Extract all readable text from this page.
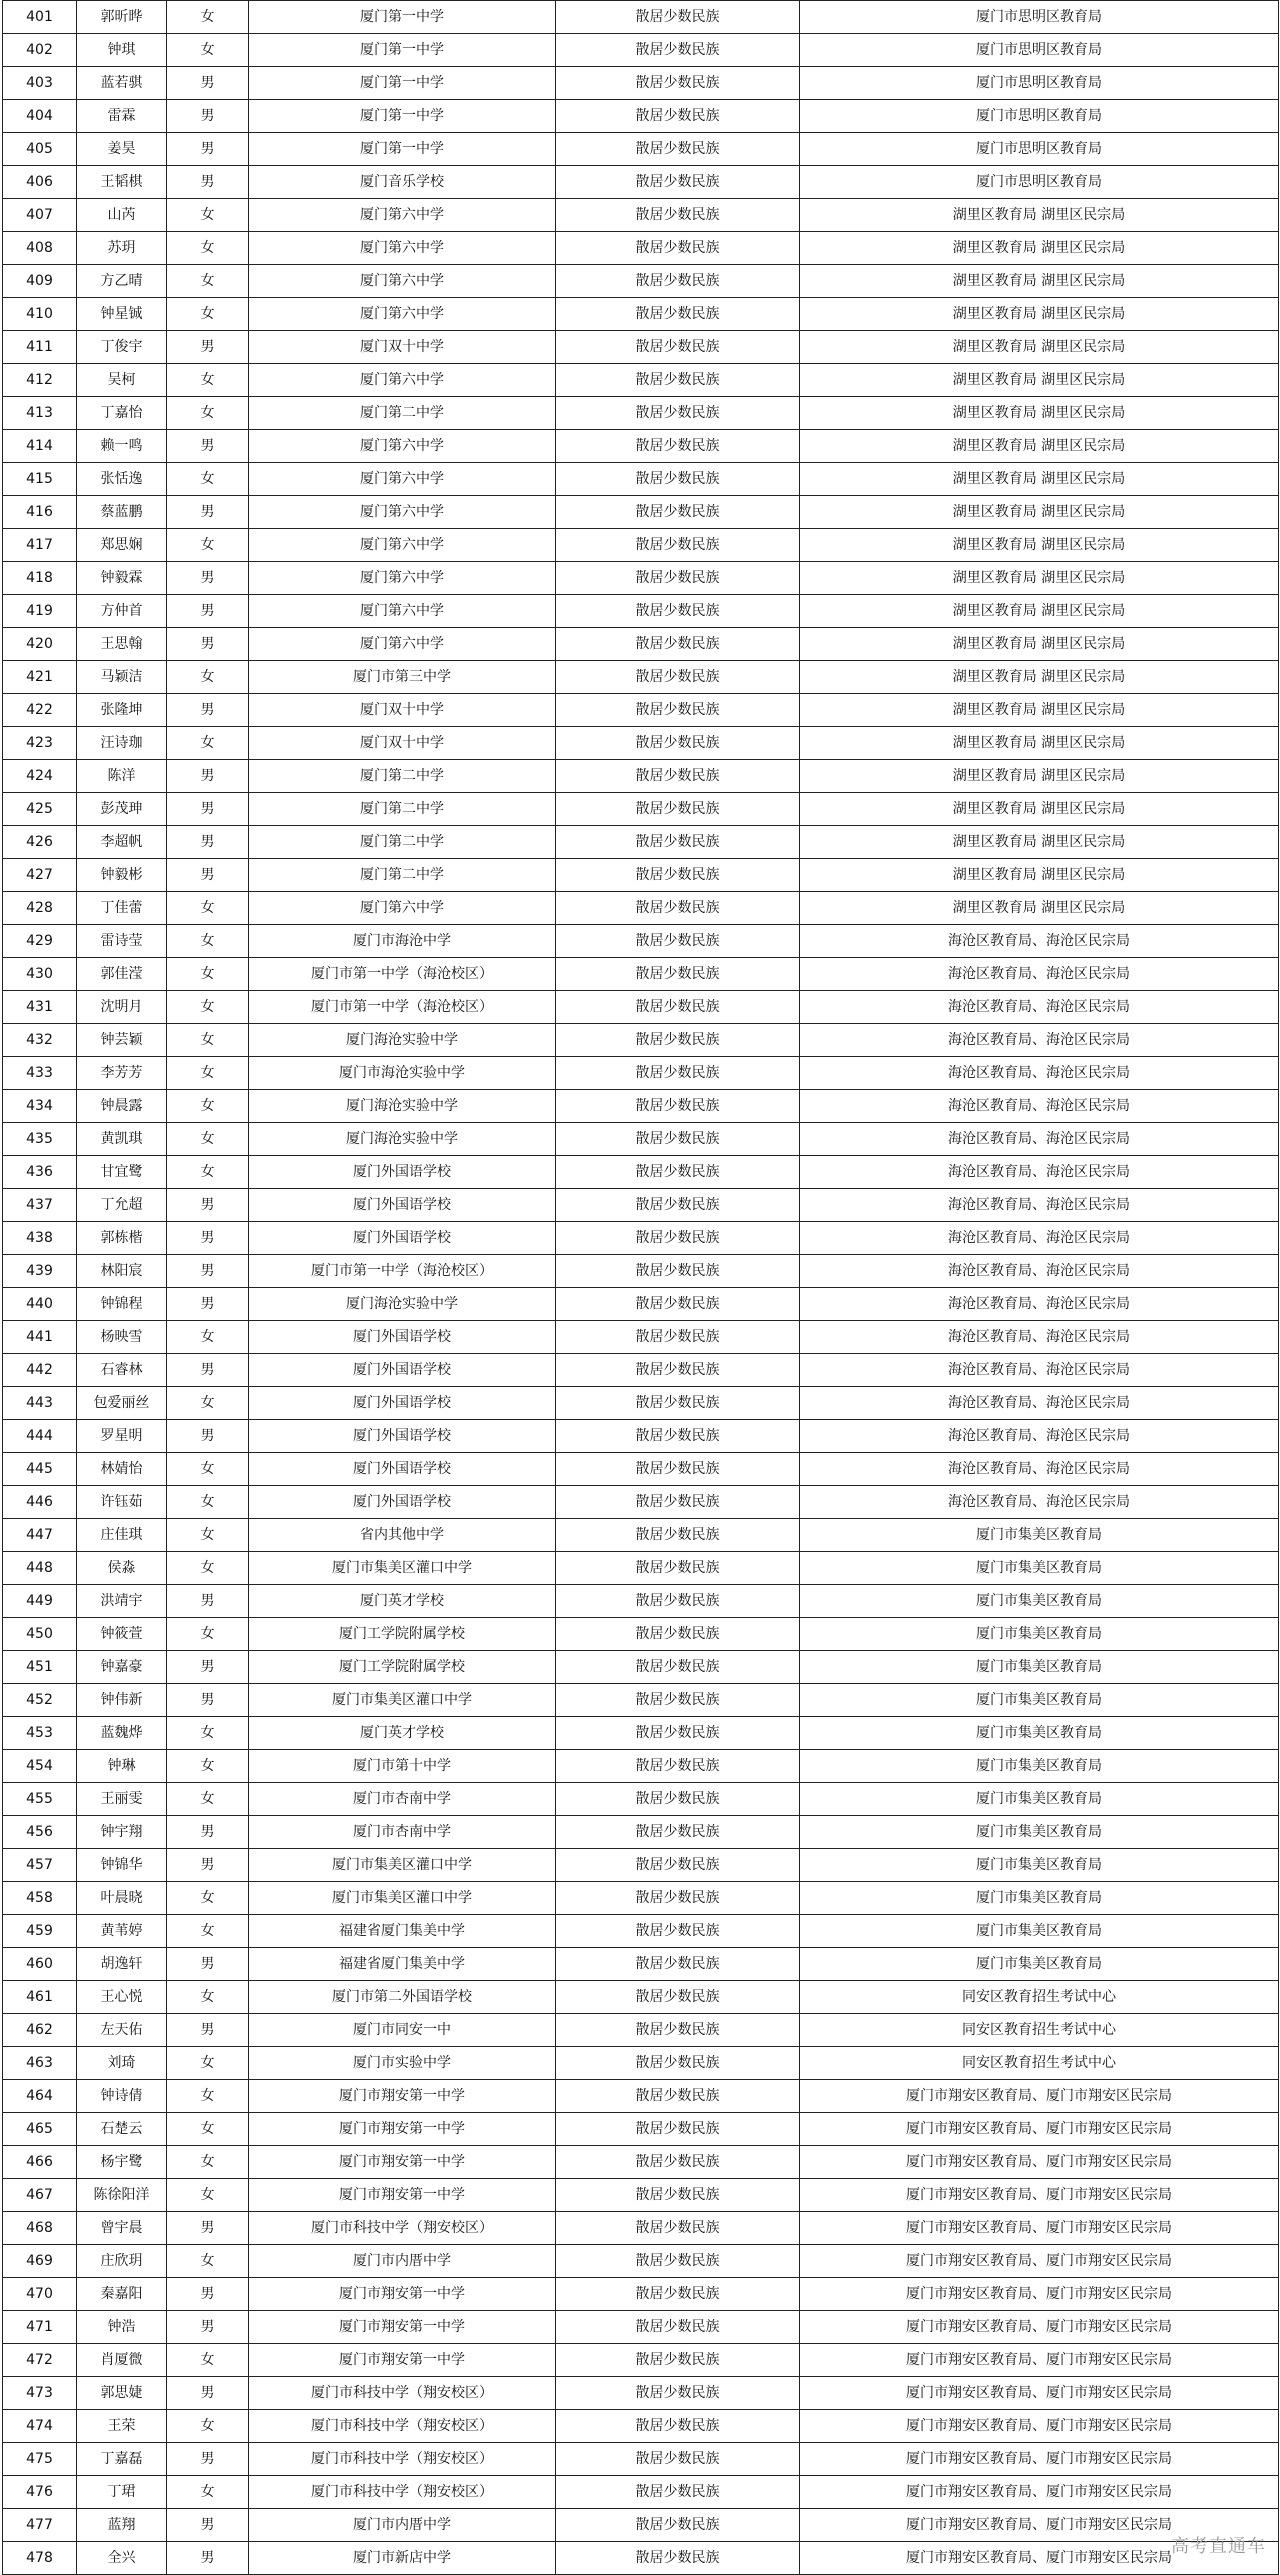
401	郭昕晔	女	厦门第一中学	散居少数民族	厦门市思明区教育局
402	钟琪	女	厦门第一中学	散居少数民族	厦门市思明区教育局
403	蓝若骐	男	厦门第一中学	散居少数民族	厦门市思明区教育局
404	雷霖	男	厦门第一中学	散居少数民族	厦门市思明区教育局
405	姜昊	男	厦门第一中学	散居少数民族	厦门市思明区教育局
406	王韬棋	男	厦门音乐学校	散居少数民族	厦门市思明区教育局
407	山芮	女	厦门第六中学	散居少数民族	湖里区教育局 湖里区民宗局
408	苏玥	女	厦门第六中学	散居少数民族	湖里区教育局 湖里区民宗局
409	方乙晴	女	厦门第六中学	散居少数民族	湖里区教育局 湖里区民宗局
410	钟星铖	女	厦门第六中学	散居少数民族	湖里区教育局 湖里区民宗局
411	丁俊宇	男	厦门双十中学	散居少数民族	湖里区教育局 湖里区民宗局
412	吴柯	女	厦门第六中学	散居少数民族	湖里区教育局 湖里区民宗局
413	丁嘉怡	女	厦门第二中学	散居少数民族	湖里区教育局 湖里区民宗局
414	赖一鸣	男	厦门第六中学	散居少数民族	湖里区教育局 湖里区民宗局
415	张恬逸	女	厦门第六中学	散居少数民族	湖里区教育局 湖里区民宗局
416	蔡蓝鹏	男	厦门第六中学	散居少数民族	湖里区教育局 湖里区民宗局
417	郑思娴	女	厦门第六中学	散居少数民族	湖里区教育局 湖里区民宗局
418	钟毅霖	男	厦门第六中学	散居少数民族	湖里区教育局 湖里区民宗局
419	方仲首	男	厦门第六中学	散居少数民族	湖里区教育局 湖里区民宗局
420	王思翰	男	厦门第六中学	散居少数民族	湖里区教育局 湖里区民宗局
421	马颖洁	女	厦门市第三中学	散居少数民族	湖里区教育局 湖里区民宗局
422	张隆坤	男	厦门双十中学	散居少数民族	湖里区教育局 湖里区民宗局
423	汪诗珈	女	厦门双十中学	散居少数民族	湖里区教育局 湖里区民宗局
424	陈洋	男	厦门第二中学	散居少数民族	湖里区教育局 湖里区民宗局
425	彭茂珅	男	厦门第二中学	散居少数民族	湖里区教育局 湖里区民宗局
426	李超帆	男	厦门第二中学	散居少数民族	湖里区教育局 湖里区民宗局
427	钟毅彬	男	厦门第二中学	散居少数民族	湖里区教育局 湖里区民宗局
428	丁佳蕾	女	厦门第六中学	散居少数民族	湖里区教育局 湖里区民宗局
429	雷诗莹	女	厦门市海沧中学	散居少数民族	海沧区教育局、海沧区民宗局
430	郭佳滢	女	厦门市第一中学（海沧校区）	散居少数民族	海沧区教育局、海沧区民宗局
431	沈明月	女	厦门市第一中学（海沧校区）	散居少数民族	海沧区教育局、海沧区民宗局
432	钟芸颖	女	厦门海沧实验中学	散居少数民族	海沧区教育局、海沧区民宗局
433	李芳芳	女	厦门市海沧实验中学	散居少数民族	海沧区教育局、海沧区民宗局
434	钟晨露	女	厦门海沧实验中学	散居少数民族	海沧区教育局、海沧区民宗局
435	黄凯琪	女	厦门海沧实验中学	散居少数民族	海沧区教育局、海沧区民宗局
436	甘宜鹭	女	厦门外国语学校	散居少数民族	海沧区教育局、海沧区民宗局
437	丁允超	男	厦门外国语学校	散居少数民族	海沧区教育局、海沧区民宗局
438	郭栋楷	男	厦门外国语学校	散居少数民族	海沧区教育局、海沧区民宗局
439	林阳宸	男	厦门市第一中学（海沧校区）	散居少数民族	海沧区教育局、海沧区民宗局
440	钟锦程	男	厦门海沧实验中学	散居少数民族	海沧区教育局、海沧区民宗局
441	杨映雪	女	厦门外国语学校	散居少数民族	海沧区教育局、海沧区民宗局
442	石睿林	男	厦门外国语学校	散居少数民族	海沧区教育局、海沧区民宗局
443	包爱丽丝	女	厦门外国语学校	散居少数民族	海沧区教育局、海沧区民宗局
444	罗星明	男	厦门外国语学校	散居少数民族	海沧区教育局、海沧区民宗局
445	林婧怡	女	厦门外国语学校	散居少数民族	海沧区教育局、海沧区民宗局
446	许钰茹	女	厦门外国语学校	散居少数民族	海沧区教育局、海沧区民宗局
447	庄佳琪	女	省内其他中学	散居少数民族	厦门市集美区教育局
448	侯淼	女	厦门市集美区灌口中学	散居少数民族	厦门市集美区教育局
449	洪靖宇	男	厦门英才学校	散居少数民族	厦门市集美区教育局
450	钟筱萱	女	厦门工学院附属学校	散居少数民族	厦门市集美区教育局
451	钟嘉豪	男	厦门工学院附属学校	散居少数民族	厦门市集美区教育局
452	钟伟新	男	厦门市集美区灌口中学	散居少数民族	厦门市集美区教育局
453	蓝魏烨	女	厦门英才学校	散居少数民族	厦门市集美区教育局
454	钟琳	女	厦门市第十中学	散居少数民族	厦门市集美区教育局
455	王丽雯	女	厦门市杏南中学	散居少数民族	厦门市集美区教育局
456	钟宇翔	男	厦门市杏南中学	散居少数民族	厦门市集美区教育局
457	钟锦华	男	厦门市集美区灌口中学	散居少数民族	厦门市集美区教育局
458	叶晨晓	女	厦门市集美区灌口中学	散居少数民族	厦门市集美区教育局
459	黄苇婷	女	福建省厦门集美中学	散居少数民族	厦门市集美区教育局
460	胡逸轩	男	福建省厦门集美中学	散居少数民族	厦门市集美区教育局
461	王心悦	女	厦门市第二外国语学校	散居少数民族	同安区教育招生考试中心
462	左天佑	男	厦门市同安一中	散居少数民族	同安区教育招生考试中心
463	刘琦	女	厦门市实验中学	散居少数民族	同安区教育招生考试中心
464	钟诗倩	女	厦门市翔安第一中学	散居少数民族	厦门市翔安区教育局、厦门市翔安区民宗局
465	石楚云	女	厦门市翔安第一中学	散居少数民族	厦门市翔安区教育局、厦门市翔安区民宗局
466	杨宇鹭	女	厦门市翔安第一中学	散居少数民族	厦门市翔安区教育局、厦门市翔安区民宗局
467	陈徐阳洋	女	厦门市翔安第一中学	散居少数民族	厦门市翔安区教育局、厦门市翔安区民宗局
468	曾宇晨	男	厦门市科技中学（翔安校区）	散居少数民族	厦门市翔安区教育局、厦门市翔安区民宗局
469	庄欣玥	女	厦门市内厝中学	散居少数民族	厦门市翔安区教育局、厦门市翔安区民宗局
470	秦嘉阳	男	厦门市翔安第一中学	散居少数民族	厦门市翔安区教育局、厦门市翔安区民宗局
471	钟浩	男	厦门市翔安第一中学	散居少数民族	厦门市翔安区教育局、厦门市翔安区民宗局
472	肖厦微	女	厦门市翔安第一中学	散居少数民族	厦门市翔安区教育局、厦门市翔安区民宗局
473	郭思婕	男	厦门市科技中学（翔安校区）	散居少数民族	厦门市翔安区教育局、厦门市翔安区民宗局
474	王荣	女	厦门市科技中学（翔安校区）	散居少数民族	厦门市翔安区教育局、厦门市翔安区民宗局
475	丁嘉磊	男	厦门市科技中学（翔安校区）	散居少数民族	厦门市翔安区教育局、厦门市翔安区民宗局
476	丁珺	女	厦门市科技中学（翔安校区）	散居少数民族	厦门市翔安区教育局、厦门市翔安区民宗局
477	蓝翔	男	厦门市内厝中学	散居少数民族	厦门市翔安区教育局、厦门市翔安区民宗局
478	全兴	男	厦门市新店中学	散居少数民族	厦门市翔安区教育局、厦门市翔安区民宗局
高考直通车
